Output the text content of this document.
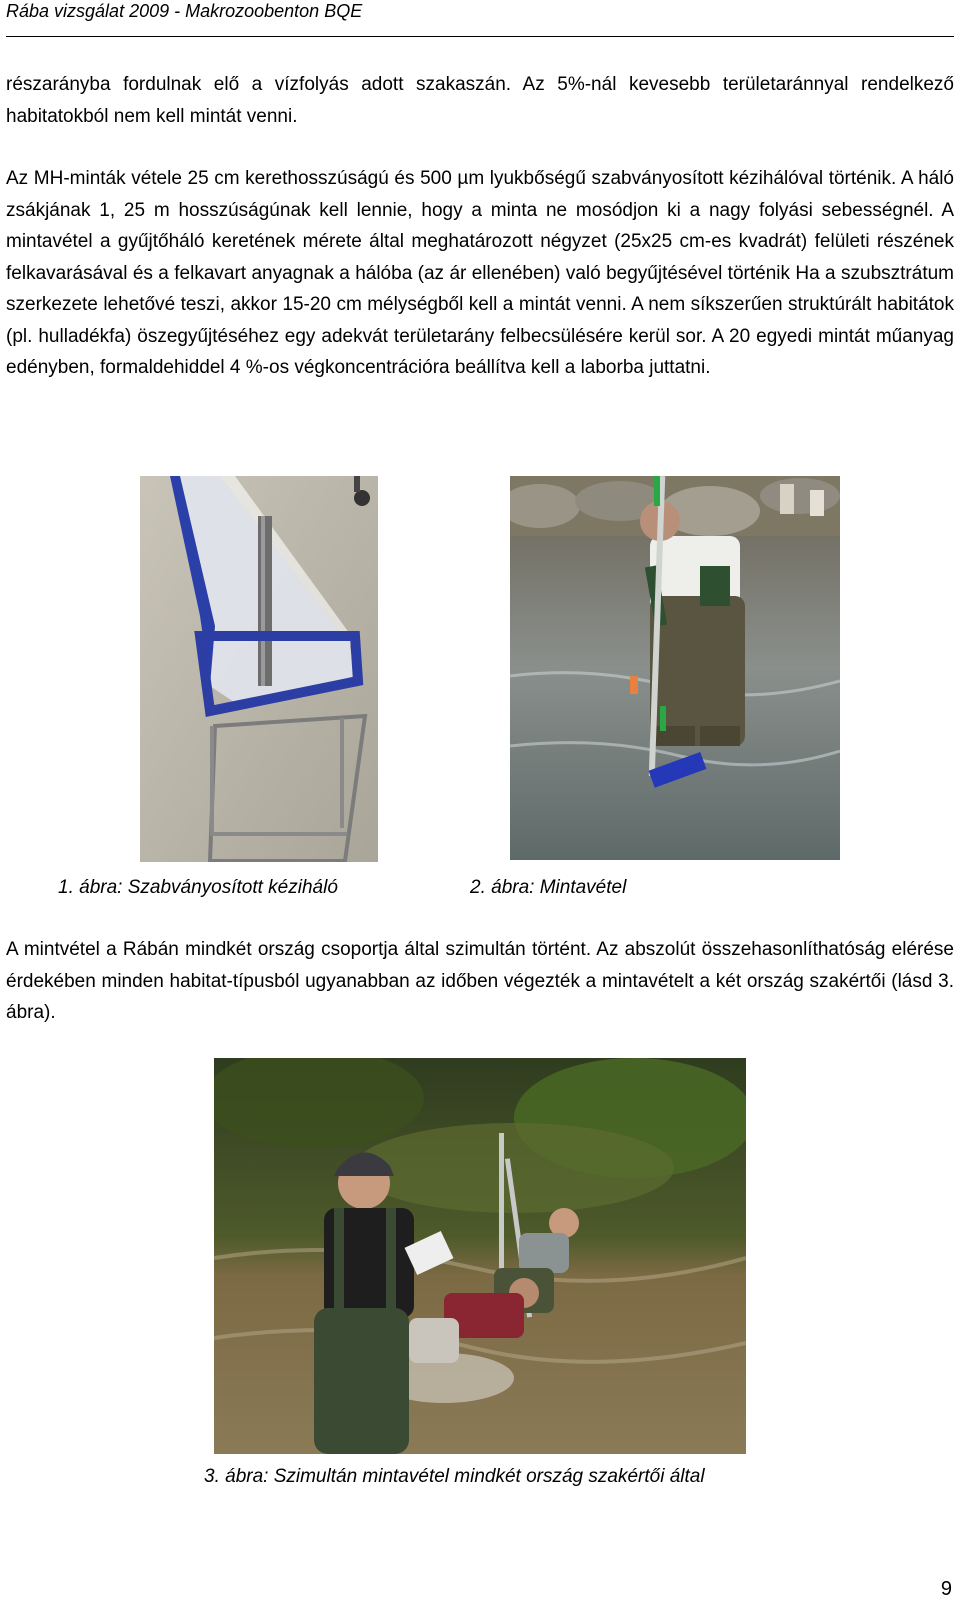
Rába vizsgálat 2009 - Makrozoobenton BQE

részarányba fordulnak elő a vízfolyás adott szakaszán. Az 5%-nál kevesebb területaránnyal rendelkező habitatokból nem kell mintát venni.

Az MH-minták vétele 25 cm kerethosszúságú és 500 µm lyukbőségű szabványosított kézihálóval történik. A háló zsákjának 1, 25 m hosszúságúnak kell lennie, hogy a minta ne mosódjon ki a nagy folyási sebességnél. A mintavétel a gyűjtőháló keretének mérete által meghatározott négyzet (25x25 cm-es kvadrát) felületi részének felkavarásával és a felkavart anyagnak a hálóba (az ár ellenében) való begyűjtésével történik Ha a szubsztrátum szerkezete lehetővé teszi, akkor 15-20 cm mélységből kell a mintát venni. A nem síkszerűen struktúrált habitátok (pl. hulladékfa) öszegyűjtéséhez egy adekvát területarány felbecsülésére kerül sor. A 20 egyedi mintát műanyag edényben, formaldehiddel 4 %-os végkoncentrációra beállítva kell a laborba juttatni.

1. ábra: Szabványosított kéziháló	2. ábra: Mintavétel

A mintvétel a Rábán mindkét ország csoportja által szimultán történt. Az abszolút összehasonlíthatóság elérése érdekében minden habitat-típusból ugyanabban az időben végezték a mintavételt a két ország szakértői (lásd 3. ábra).

3. ábra: Szimultán mintavétel mindkét ország szakértői által
9
